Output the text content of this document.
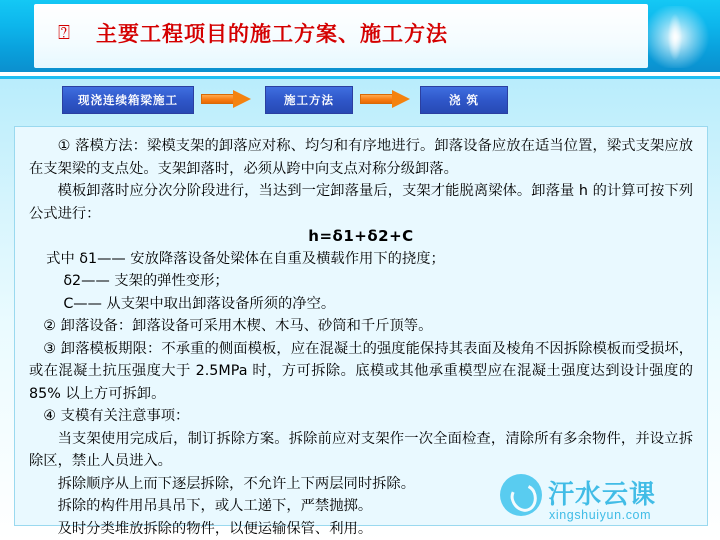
⍰ 主要工程项目的施工方案、施工方法
现浇连续箱梁施工	施工方法	浇 筑

① 落模方法：梁模支架的卸落应对称、均匀和有序地进行。卸落设备应放在适当位置，梁式支架应放在支架梁的支点处。支架卸落时，必须从跨中向支点对称分级卸落。

模板卸落时应分次分阶段进行，当达到一定卸落量后，支架才能脱离梁体。卸落量 h 的计算可按下列公式进行：

h=δ1+δ2+C

式中 δ1—— 安放降落设备处梁体在自重及横载作用下的挠度；

δ2—— 支架的弹性变形；

C—— 从支架中取出卸落设备所须的净空。

② 卸落设备：卸落设备可采用木楔、木马、砂筒和千斤顶等。

③ 卸落模板期限：不承重的侧面模板，应在混凝土的强度能保持其表面及棱角不因拆除模板而受损坏，或在混凝土抗压强度大于 2.5MPa 时，方可拆除。底模或其他承重模型应在混凝土强度达到设计强度的 85% 以上方可拆卸。

④ 支模有关注意事项：

当支架使用完成后，制订拆除方案。拆除前应对支架作一次全面检查，清除所有多余物件，并设立拆除区，禁止人员进入。

拆除顺序从上而下逐层拆除，不允许上下两层同时拆除。

拆除的构件用吊具吊下，或人工递下，严禁抛掷。

及时分类堆放拆除的物件，以便运输保管、利用。

汗水云课
xingshuiyun.com
